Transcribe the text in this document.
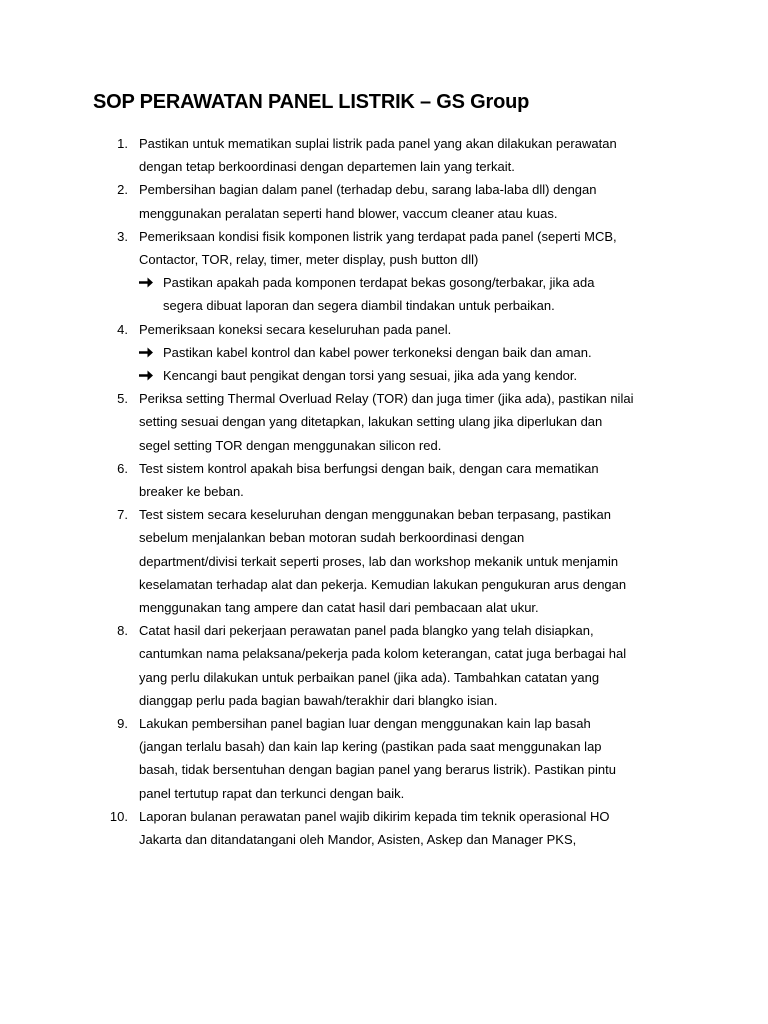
SOP PERAWATAN PANEL LISTRIK – GS Group
1. Pastikan untuk mematikan suplai listrik pada panel yang akan dilakukan perawatan
dengan tetap berkoordinasi dengan departemen lain yang terkait.
2. Pembersihan bagian dalam panel (terhadap debu, sarang laba-laba dll) dengan
menggunakan peralatan seperti hand blower, vaccum cleaner atau kuas.
3. Pemeriksaan kondisi fisik komponen listrik yang terdapat pada panel (seperti MCB,
Contactor, TOR, relay, timer, meter display, push button dll)
Pastikan apakah pada komponen terdapat bekas gosong/terbakar, jika ada
segera dibuat laporan dan segera diambil tindakan untuk perbaikan.
4. Pemeriksaan koneksi secara keseluruhan pada panel.
Pastikan kabel kontrol dan kabel power terkoneksi dengan baik dan aman.
Kencangi baut pengikat dengan torsi yang sesuai, jika ada yang kendor.
5. Periksa setting Thermal Overluad Relay (TOR) dan juga timer (jika ada), pastikan nilai
setting sesuai dengan yang ditetapkan, lakukan setting ulang jika diperlukan dan
segel setting TOR dengan menggunakan silicon red.
6. Test sistem kontrol apakah bisa berfungsi dengan baik, dengan cara mematikan
breaker ke beban.
7. Test sistem secara keseluruhan dengan menggunakan beban terpasang, pastikan
sebelum menjalankan beban motoran sudah berkoordinasi dengan
department/divisi terkait seperti proses, lab dan workshop mekanik untuk menjamin
keselamatan terhadap alat dan pekerja. Kemudian lakukan pengukuran arus dengan
menggunakan tang ampere dan catat hasil dari pembacaan alat ukur.
8. Catat hasil dari pekerjaan perawatan panel pada blangko yang telah disiapkan,
cantumkan nama pelaksana/pekerja pada kolom keterangan, catat juga berbagai hal
yang perlu dilakukan untuk perbaikan panel (jika ada). Tambahkan catatan yang
dianggap perlu pada bagian bawah/terakhir dari blangko isian.
9. Lakukan pembersihan panel bagian luar dengan menggunakan kain lap basah
(jangan terlalu basah) dan kain lap kering (pastikan pada saat menggunakan lap
basah, tidak bersentuhan dengan bagian panel yang berarus listrik). Pastikan pintu
panel tertutup rapat dan terkunci dengan baik.
10. Laporan bulanan perawatan panel wajib dikirim kepada tim teknik operasional HO
Jakarta dan ditandatangani oleh Mandor, Asisten, Askep dan Manager PKS,
